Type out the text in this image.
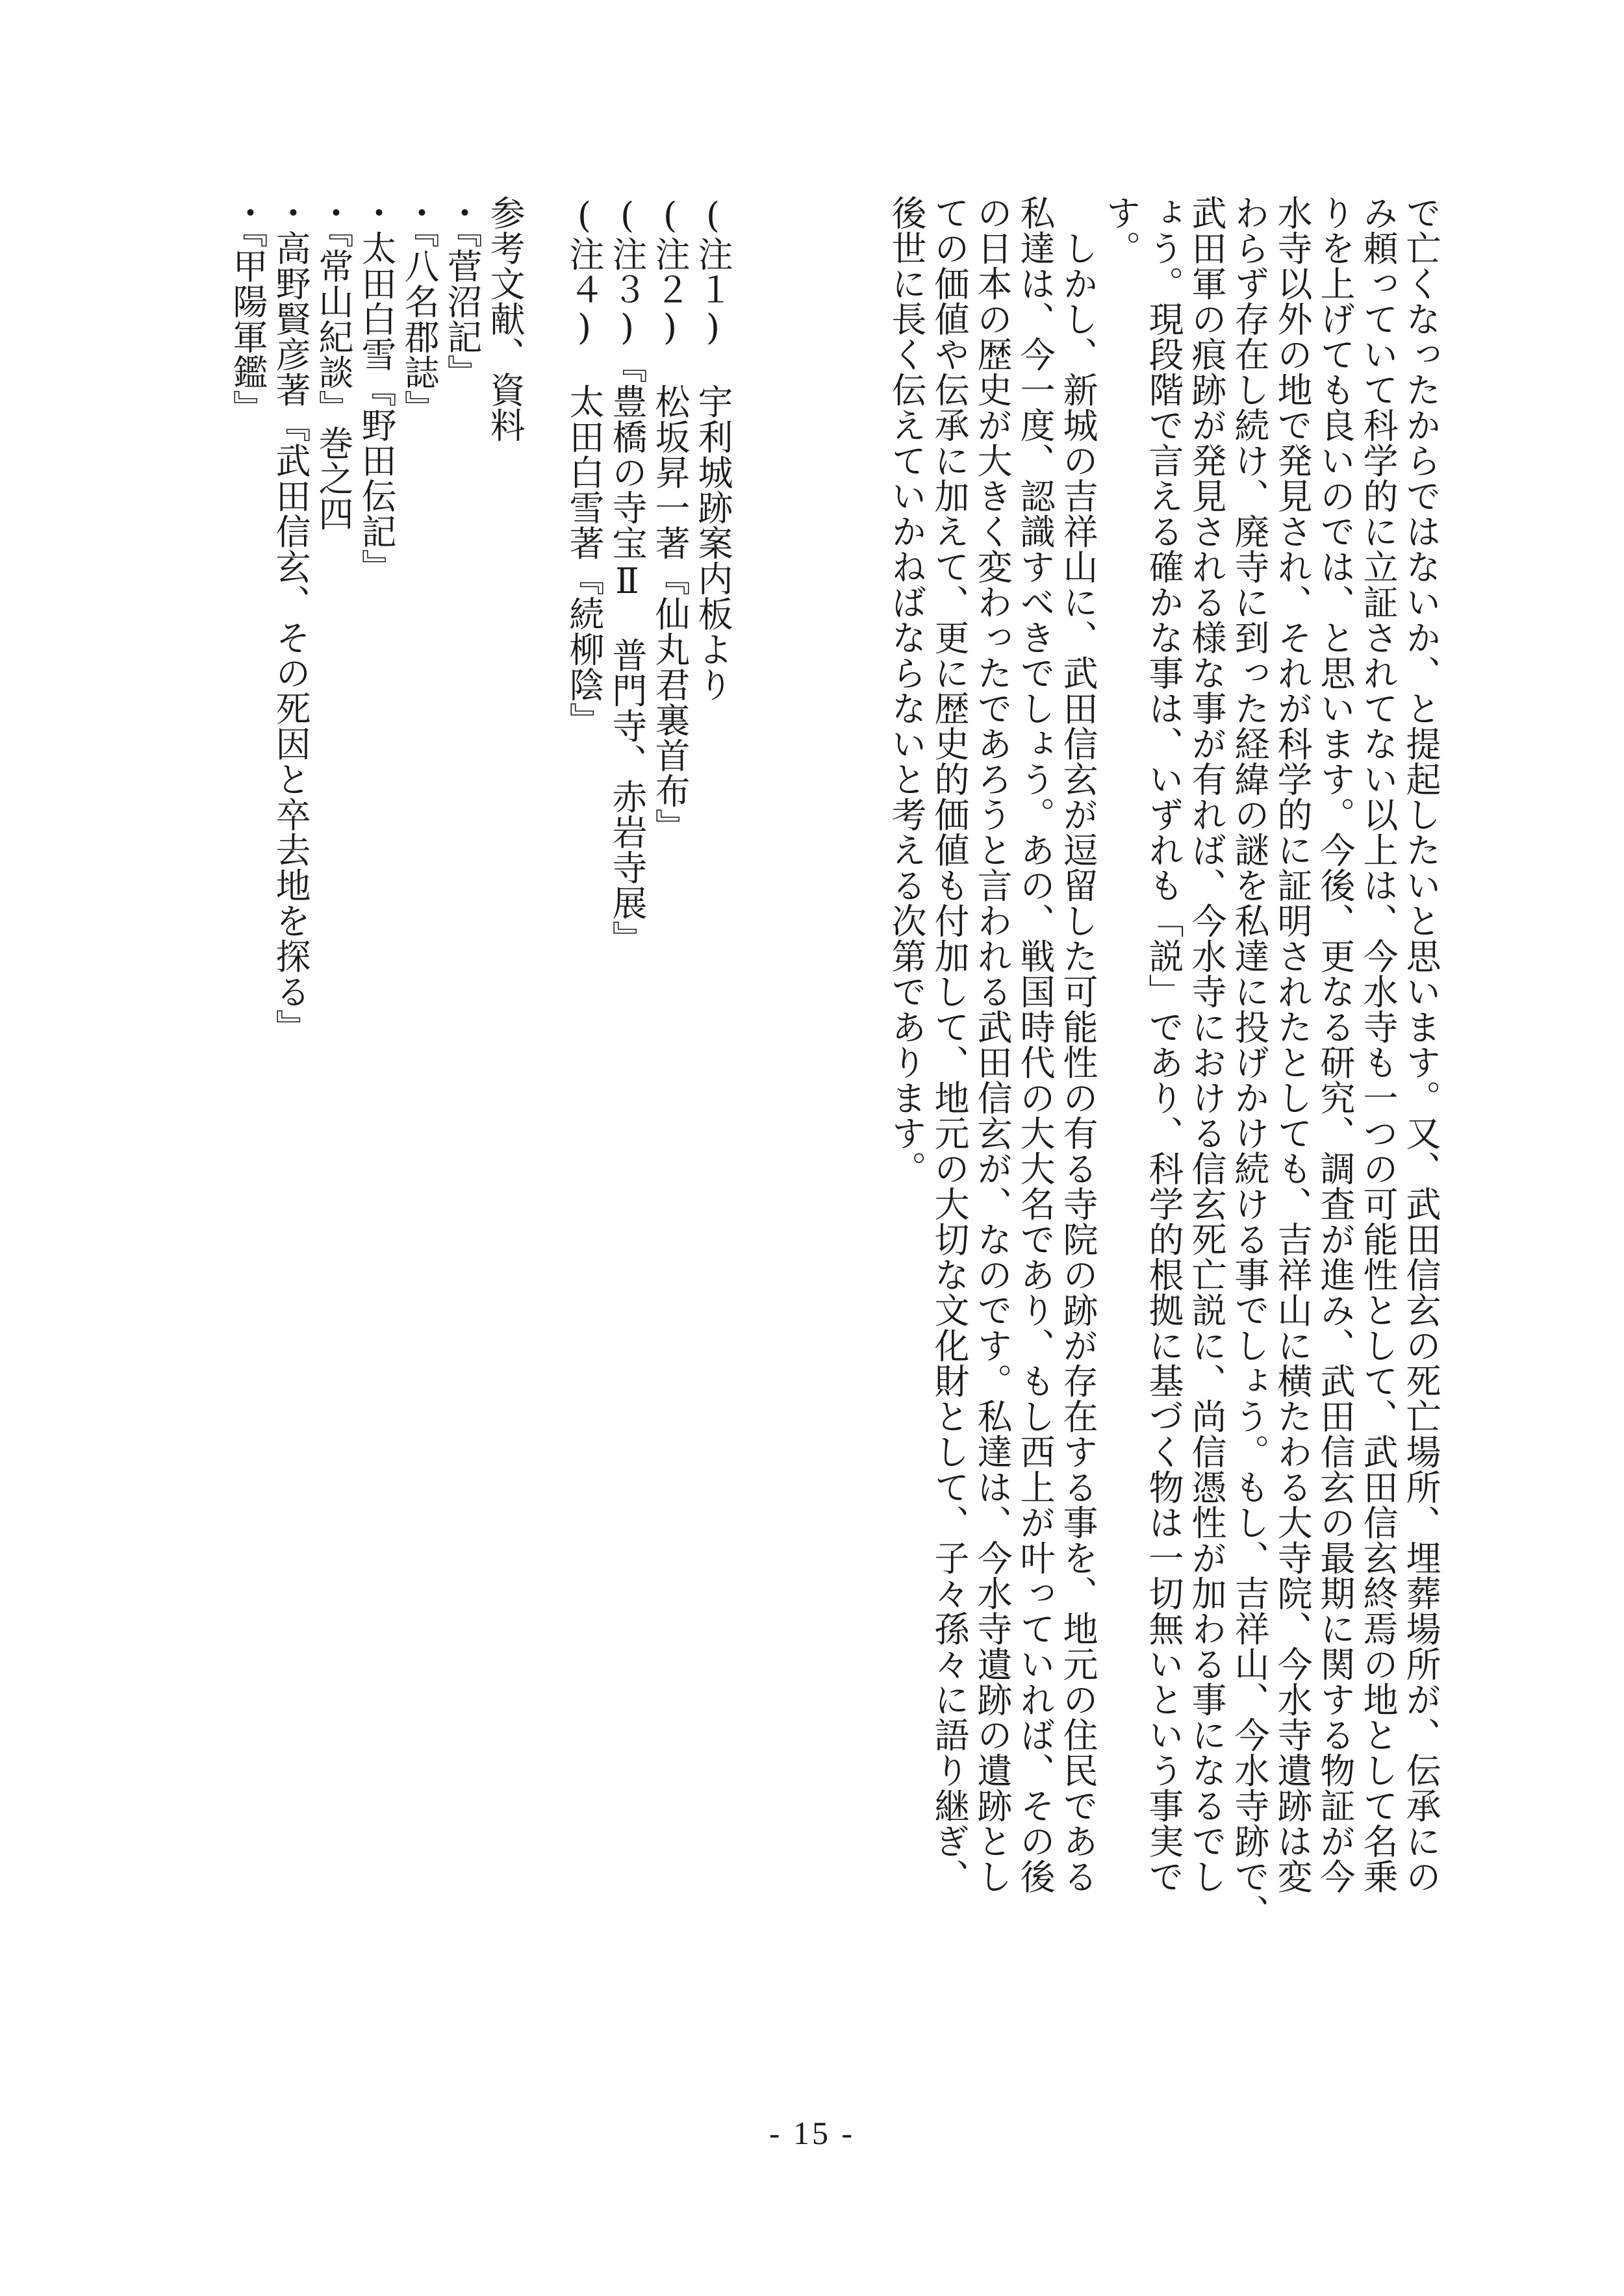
で亡くなったからではないか、と提起したいと思います。又、武田信玄の死亡場所、埋葬場所が、伝承にの

み頼っていて科学的に立証されてない以上は、今水寺も一つの可能性として、武田信玄終焉の地として名乗

りを上げても良いのでは、と思います。今後、更なる研究、調査が進み、武田信玄の最期に関する物証が今

水寺以外の地で発見され、それが科学的に証明されたとしても、吉祥山に横たわる大寺院、今水寺遺跡は変

わらず存在し続け、廃寺に到った経緯の謎を私達に投げかけ続ける事でしょう。もし、吉祥山、今水寺跡で、

武田軍の痕跡が発見される様な事が有れば、今水寺における信玄死亡説に、尚信憑性が加わる事になるでし

ょう。現段階で言える確かな事は、いずれも「説」であり、科学的根拠に基づく物は一切無いという事実で

す。

　しかし、新城の吉祥山に、武田信玄が逗留した可能性の有る寺院の跡が存在する事を、地元の住民である

私達は、今一度、認識すべきでしょう。あの、戦国時代の大大名であり、もし西上が叶っていれば、その後

の日本の歴史が大きく変わったであろうと言われる武田信玄が、なのです。私達は、今水寺遺跡の遺跡とし

ての価値や伝承に加えて、更に歴史的価値も付加して、地元の大切な文化財として、子々孫々に語り継ぎ、

後世に長く伝えていかねばならないと考える次第であります。

(注１)　宇利城跡案内板より

(注２)　松坂昇一著『仙丸君裏首布』

(注３)『豊橋の寺宝Ⅱ　普門寺、赤岩寺展』

(注４)　太田白雪著『続柳陰』

参考文献、資料

・『菅沼記』

・『八名郡誌』

・太田白雪『野田伝記』

・『常山紀談』巻之四

・高野賢彦著『武田信玄、その死因と卒去地を探る』

・『甲陽軍鑑』

- 15 -
